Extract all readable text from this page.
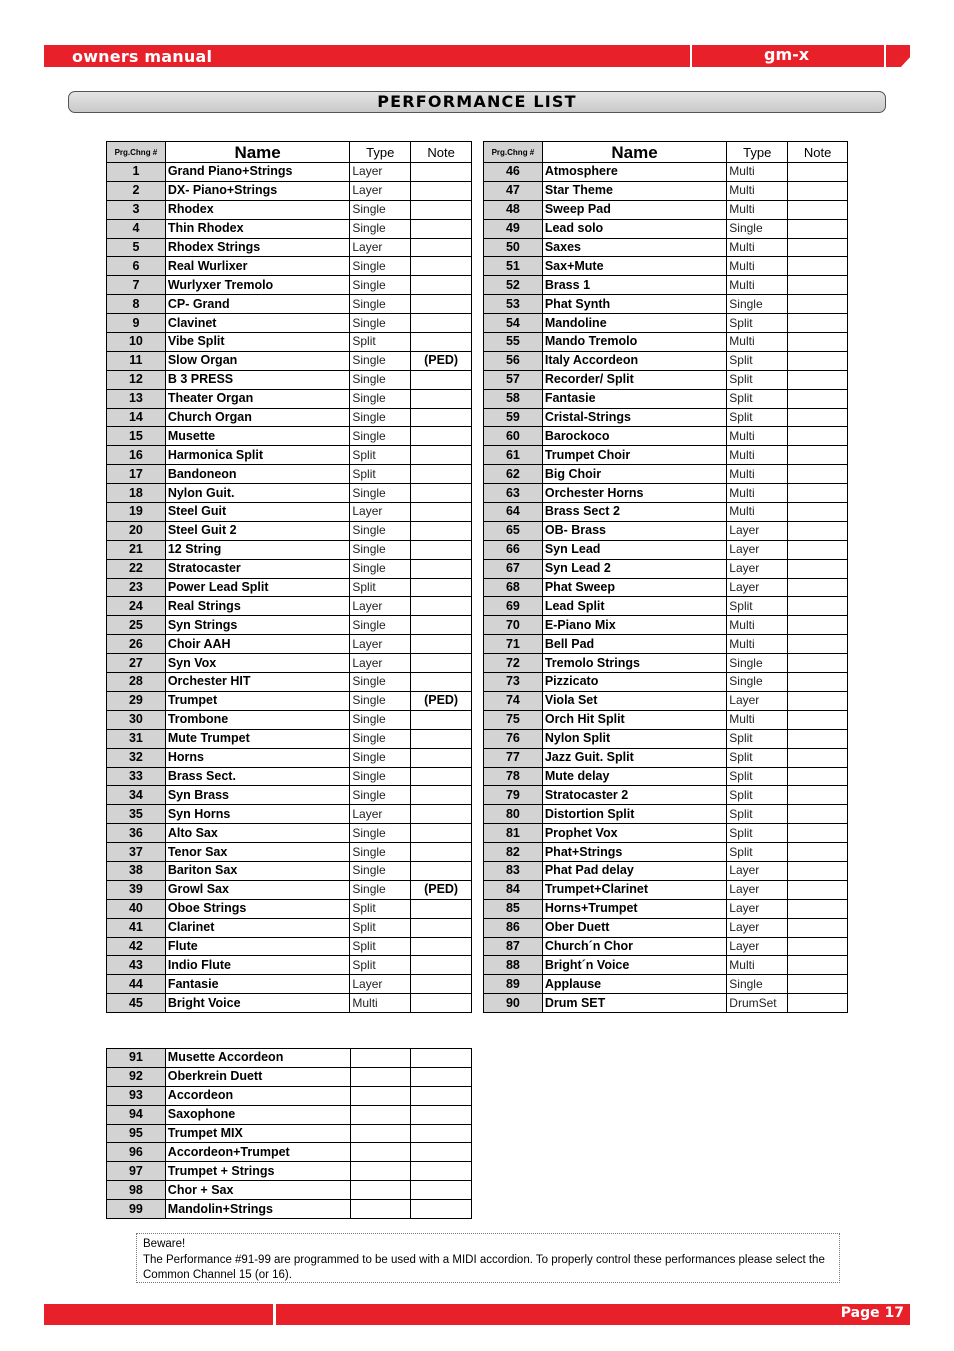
owners manual	gm-x
PERFORMANCE LIST
Prg.Chng #	Name	Type	Note
1	Grand Piano+Strings	Layer	
2	DX- Piano+Strings	Layer	
3	Rhodex	Single	
4	Thin Rhodex	Single	
5	Rhodex Strings	Layer	
6	Real Wurlixer	Single	
7	Wurlyxer Tremolo	Single	
8	CP- Grand	Single	
9	Clavinet	Single	
10	Vibe Split	Split	
11	Slow Organ	Single	(PED)
12	B 3 PRESS	Single	
13	Theater Organ	Single	
14	Church Organ	Single	
15	Musette	Single	
16	Harmonica Split	Split	
17	Bandoneon	Split	
18	Nylon Guit.	Single	
19	Steel Guit	Layer	
20	Steel Guit 2	Single	
21	12 String	Single	
22	Stratocaster	Single	
23	Power Lead Split	Split	
24	Real Strings	Layer	
25	Syn Strings	Single	
26	Choir AAH	Layer	
27	Syn Vox	Layer	
28	Orchester HIT	Single	
29	Trumpet	Single	(PED)
30	Trombone	Single	
31	Mute Trumpet	Single	
32	Horns	Single	
33	Brass Sect.	Single	
34	Syn Brass	Single	
35	Syn Horns	Layer	
36	Alto Sax	Single	
37	Tenor Sax	Single	
38	Bariton Sax	Single	
39	Growl Sax	Single	(PED)
40	Oboe Strings	Split	
41	Clarinet	Split	
42	Flute	Split	
43	Indio Flute	Split	
44	Fantasie	Layer	
45	Bright Voice	Multi	
Prg.Chng #	Name	Type	Note
46	Atmosphere	Multi	
47	Star Theme	Multi	
48	Sweep Pad	Multi	
49	Lead solo	Single	
50	Saxes	Multi	
51	Sax+Mute	Multi	
52	Brass 1	Multi	
53	Phat Synth	Single	
54	Mandoline	Split	
55	Mando Tremolo	Multi	
56	Italy Accordeon	Split	
57	Recorder/ Split	Split	
58	Fantasie	Split	
59	Cristal-Strings	Split	
60	Barockoco	Multi	
61	Trumpet Choir	Multi	
62	Big Choir	Multi	
63	Orchester Horns	Multi	
64	Brass Sect 2	Multi	
65	OB- Brass	Layer	
66	Syn Lead	Layer	
67	Syn Lead 2	Layer	
68	Phat Sweep	Layer	
69	Lead Split	Split	
70	E-Piano Mix	Multi	
71	Bell Pad	Multi	
72	Tremolo Strings	Single	
73	Pizzicato	Single	
74	Viola Set	Layer	
75	Orch Hit Split	Multi	
76	Nylon Split	Split	
77	Jazz Guit. Split	Split	
78	Mute delay	Split	
79	Stratocaster 2	Split	
80	Distortion Split	Split	
81	Prophet Vox	Split	
82	Phat+Strings	Split	
83	Phat Pad delay	Layer	
84	Trumpet+Clarinet	Layer	
85	Horns+Trumpet	Layer	
86	Ober Duett	Layer	
87	Church´n Chor	Layer	
88	Bright´n Voice	Multi	
89	Applause	Single	
90	Drum SET	DrumSet	
91	Musette Accordeon		
92	Oberkrein Duett		
93	Accordeon		
94	Saxophone		
95	Trumpet MIX		
96	Accordeon+Trumpet		
97	Trumpet + Strings		
98	Chor + Sax		
99	Mandolin+Strings		
Beware!
The Performance #91-99 are programmed to be used with a MIDI accordion. To properly control these performances please select the Common Channel 15 (or 16).
Page 17
